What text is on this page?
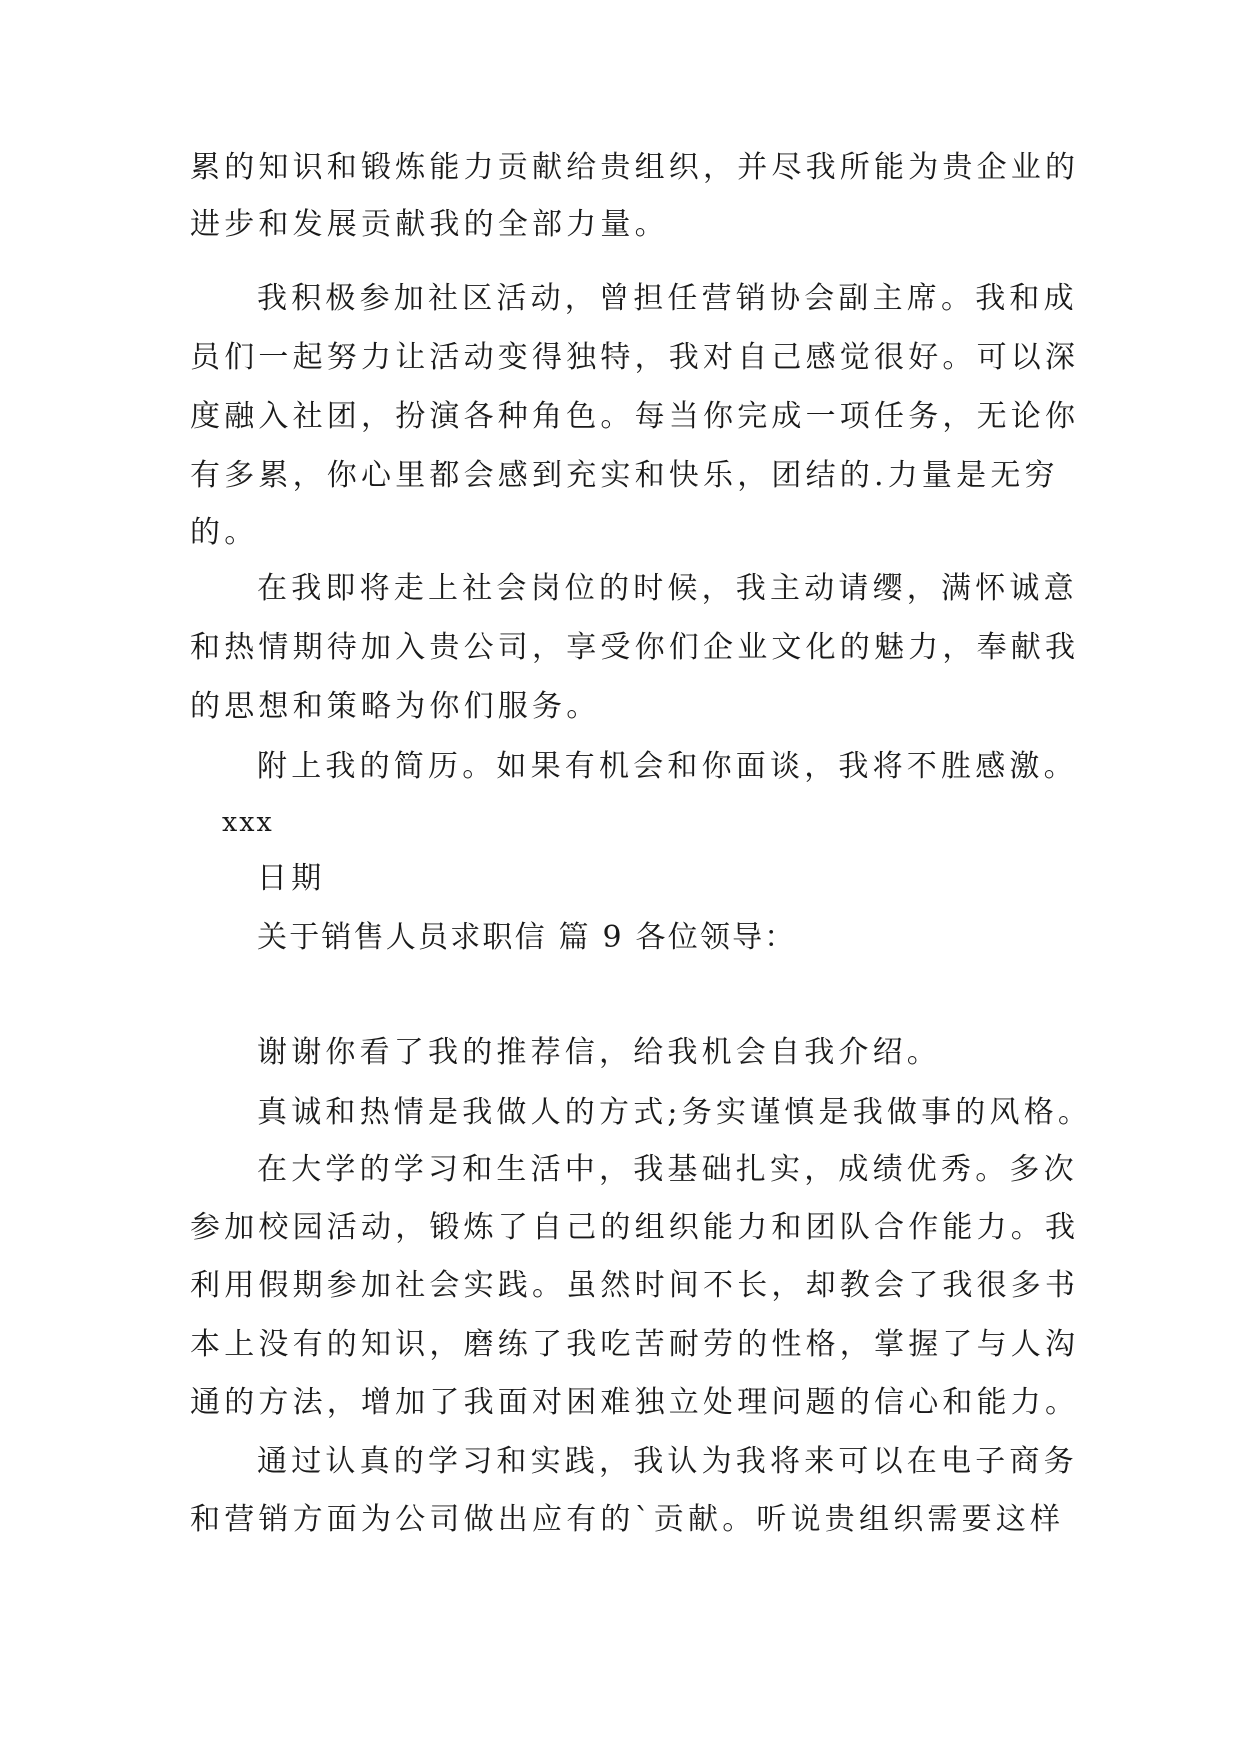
累的知识和锻炼能力贡献给贵组织，并尽我所能为贵企业的
进步和发展贡献我的全部力量。
我积极参加社区活动，曾担任营销协会副主席。我和成
员们一起努力让活动变得独特，我对自己感觉很好。可以深
度融入社团，扮演各种角色。每当你完成一项任务，无论你
有多累，你心里都会感到充实和快乐，团结的.力量是无穷
的。
在我即将走上社会岗位的时候，我主动请缨，满怀诚意
和热情期待加入贵公司，享受你们企业文化的魅力，奉献我
的思想和策略为你们服务。
附上我的简历。如果有机会和你面谈，我将不胜感激。
xxx
日期
关于销售人员求职信 篇 9 各位领导：
谢谢你看了我的推荐信，给我机会自我介绍。
真诚和热情是我做人的方式;务实谨慎是我做事的风格。
在大学的学习和生活中，我基础扎实，成绩优秀。多次
参加校园活动，锻炼了自己的组织能力和团队合作能力。我
利用假期参加社会实践。虽然时间不长，却教会了我很多书
本上没有的知识，磨练了我吃苦耐劳的性格，掌握了与人沟
通的方法，增加了我面对困难独立处理问题的信心和能力。
通过认真的学习和实践，我认为我将来可以在电子商务
和营销方面为公司做出应有的`贡献。听说贵组织需要这样
